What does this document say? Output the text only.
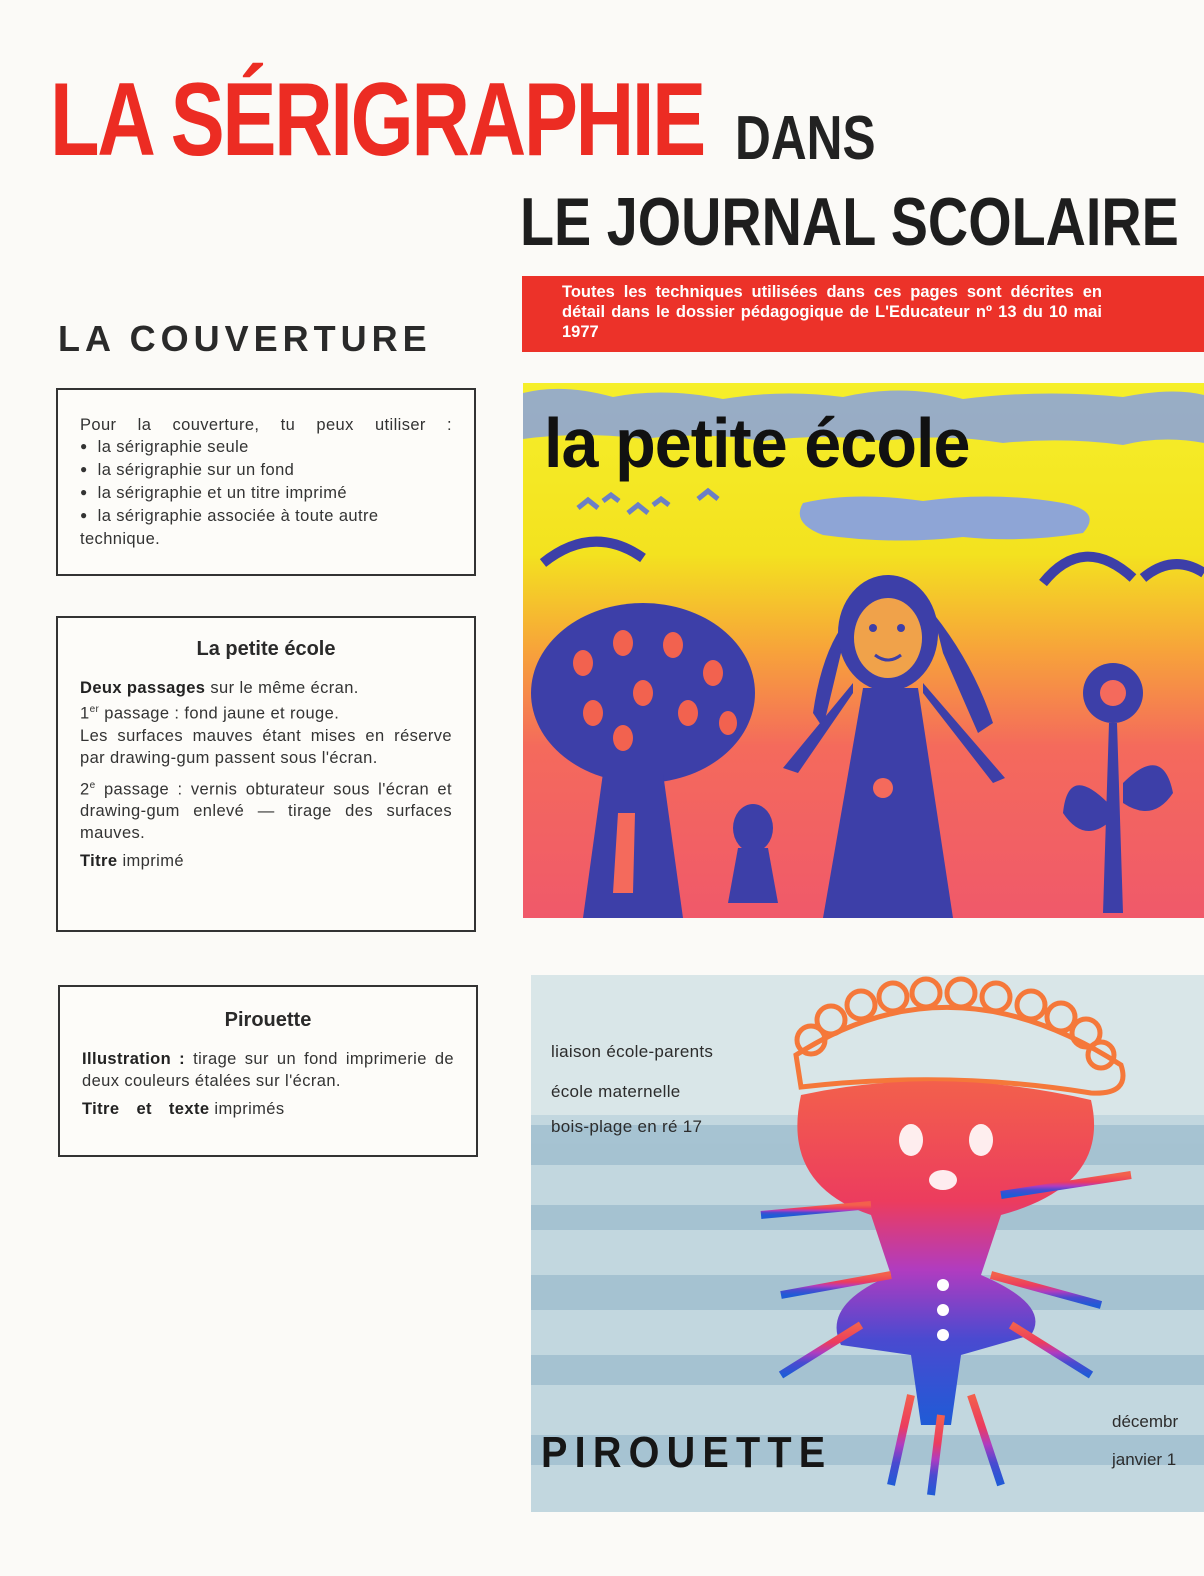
LA SÉRIGRAPHIE DANS
LE JOURNAL SCOLAIRE
Toutes les techniques utilisées dans ces pages sont décrites en détail dans le dossier pédagogique de L'Educateur nº 13 du 10 mai 1977
LA COUVERTURE
Pour la couverture, tu peux utiliser :
● la sérigraphie seule
● la sérigraphie sur un fond
● la sérigraphie et un titre imprimé
● la sérigraphie associée à toute autre technique.
La petite école
Deux passages sur le même écran.
1er passage : fond jaune et rouge.
Les surfaces mauves étant mises en réserve par drawing-gum passent sous l'écran.
2e passage : vernis obturateur sous l'écran et drawing-gum enlevé — tirage des surfaces mauves.
Titre imprimé
Pirouette
Illustration : tirage sur un fond imprimerie de deux couleurs étalées sur l'écran.
Titre et texte imprimés
la petite école
liaison école-parents
école maternelle
bois-plage en ré 17
PIROUETTE
décembr
janvier 1
